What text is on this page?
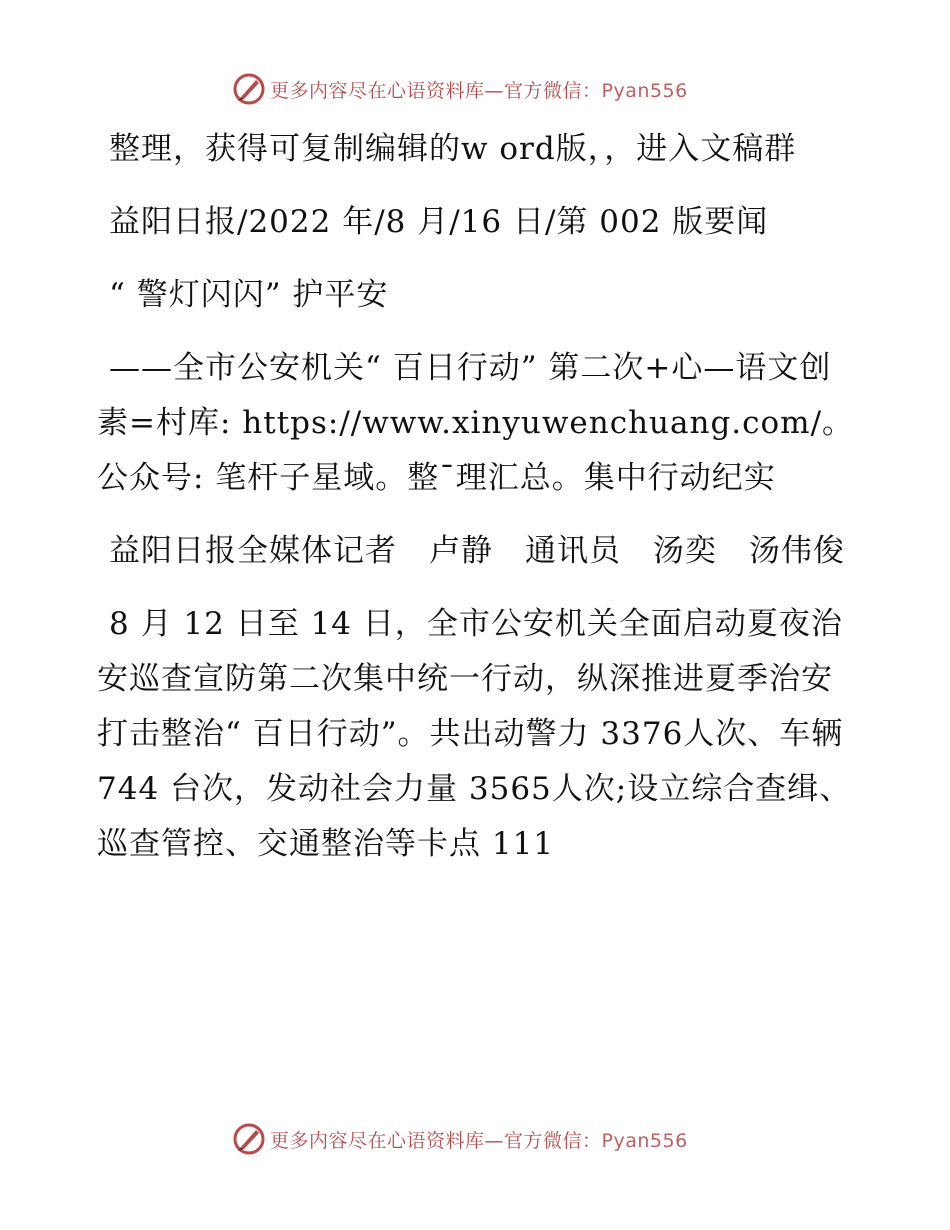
更多内容尽在心语资料库—官方微信：Pyan556

整理，获得可复制编辑的w ord版，，进入文稿群

益阳日报/2022 年/8 月/16 日/第 002 版要闻

“ 警灯闪闪” 护平安

——全市公安机关“ 百日行动” 第二次+心—语文创素=村库: https://www.xinyuwenchuang.com/。公众号: 笔杆子星域。整¯理汇总。集中行动纪实

益阳日报全媒体记者　卢静　通讯员　汤奕　汤伟俊

8 月 12 日至 14 日，全市公安机关全面启动夏夜治安巡查宣防第二次集中统一行动，纵深推进夏季治安打击整治“ 百日行动”。共出动警力 3376人次、车辆 744 台次，发动社会力量 3565人次;设立综合查缉、巡查管控、交通整治等卡点 111

更多内容尽在心语资料库—官方微信：Pyan556
